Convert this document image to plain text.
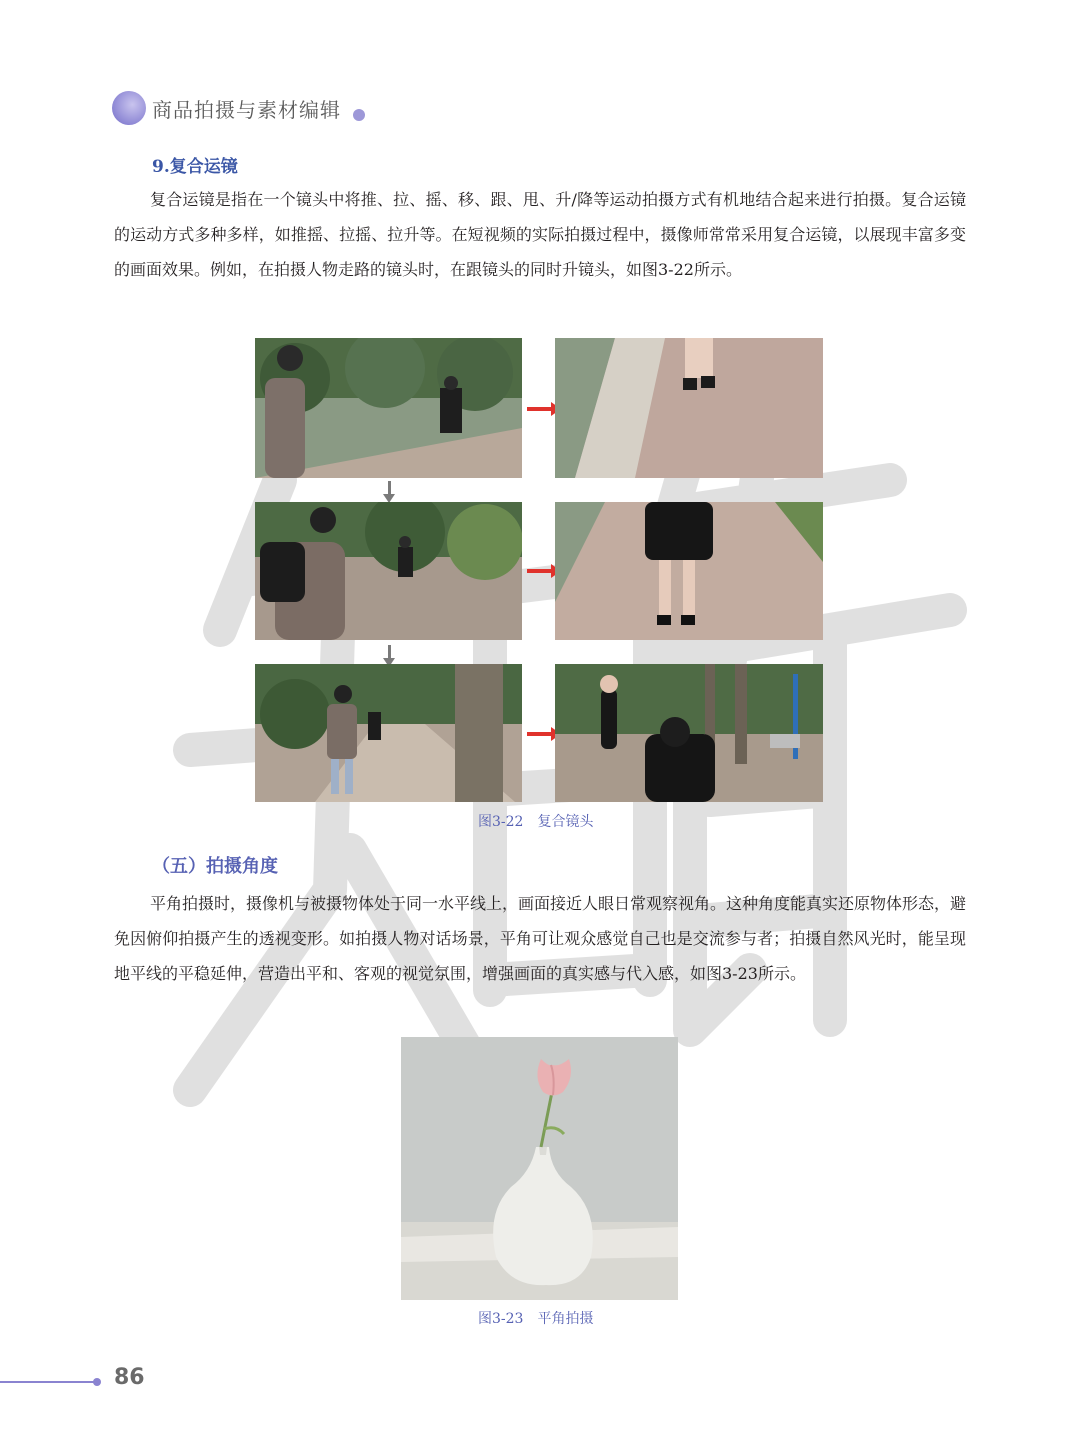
商品拍摄与素材编辑
9.复合运镜
复合运镜是指在一个镜头中将推、拉、摇、移、跟、甩、升/降等运动拍摄方式有机地结合起来进行拍摄。复合运镜的运动方式多种多样，如推摇、拉摇、拉升等。在短视频的实际拍摄过程中，摄像师常常采用复合运镜，以展现丰富多变的画面效果。例如，在拍摄人物走路的镜头时，在跟镜头的同时升镜头，如图3-22所示。
图3-22　复合镜头
（五）拍摄角度
平角拍摄时，摄像机与被摄物体处于同一水平线上，画面接近人眼日常观察视角。这种角度能真实还原物体形态，避免因俯仰拍摄产生的透视变形。如拍摄人物对话场景，平角可让观众感觉自己也是交流参与者；拍摄自然风光时，能呈现地平线的平稳延伸，营造出平和、客观的视觉氛围，增强画面的真实感与代入感，如图3-23所示。
图3-23　平角拍摄
86
